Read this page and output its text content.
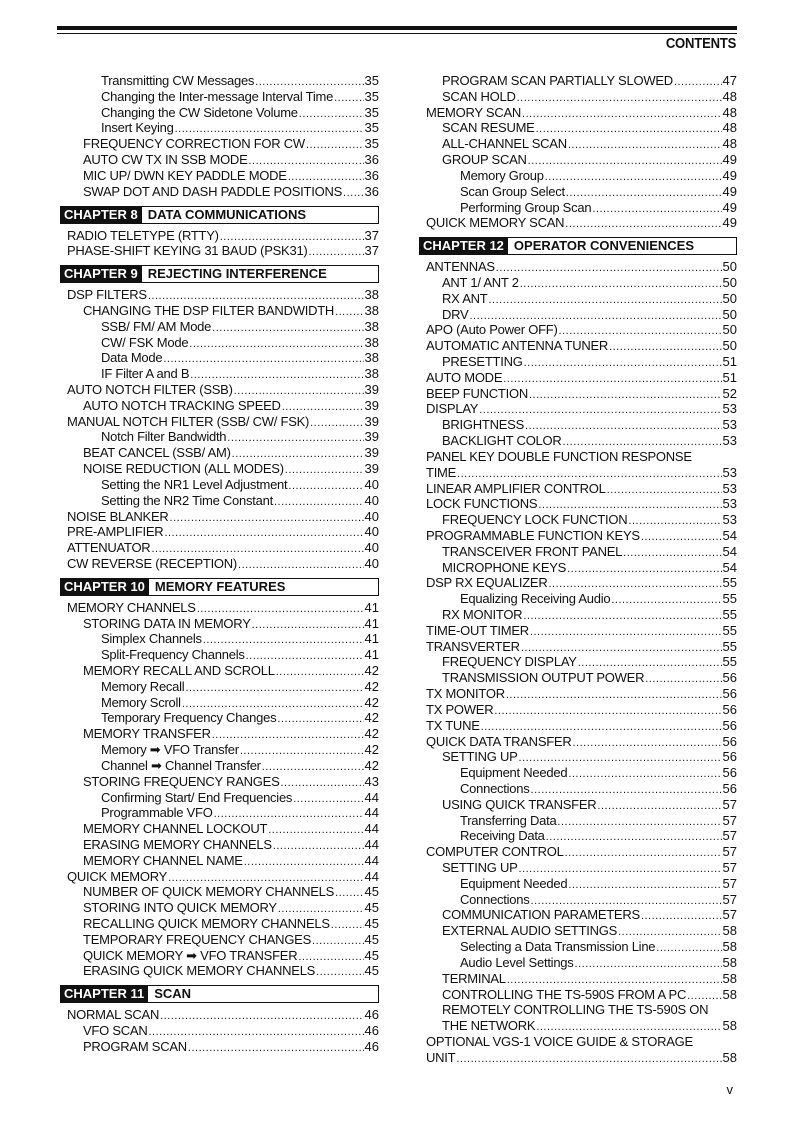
CONTENTS
Transmitting CW Messages .....	35
Changing the Inter-message Interval Time ..... 35
Changing the CW Sidetone Volume .....	35
Insert Keying .....	35
FREQUENCY CORRECTION FOR CW .....	35
AUTO CW TX IN SSB MODE .....	36
MIC UP/ DWN KEY PADDLE MODE .....	36
SWAP DOT AND DASH PADDLE POSITIONS ..... 36
CHAPTER 8 DATA COMMUNICATIONS
RADIO TELETYPE (RTTY) .....	37
PHASE-SHIFT KEYING 31 BAUD (PSK31) .....	37
CHAPTER 9 REJECTING INTERFERENCE
DSP FILTERS .....	38
CHANGING THE DSP FILTER BANDWIDTH ..... 38
SSB/ FM/ AM Mode .....	38
CW/ FSK Mode .....	38
Data Mode .....	38
IF Filter A and B .....	38
AUTO NOTCH FILTER (SSB) .....	39
AUTO NOTCH TRACKING SPEED .....	39
MANUAL NOTCH FILTER (SSB/ CW/ FSK) .....	39
Notch Filter Bandwidth .....	39
BEAT CANCEL (SSB/ AM) .....	39
NOISE REDUCTION (ALL MODES) .....	39
Setting the NR1 Level Adjustment .....	40
Setting the NR2 Time Constant .....	40
NOISE BLANKER .....	40
PRE-AMPLIFIER .....	40
ATTENUATOR .....	40
CW REVERSE (RECEPTION) .....	40
CHAPTER 10 MEMORY FEATURES
MEMORY CHANNELS .....	41
STORING DATA IN MEMORY .....	41
Simplex Channels .....	41
Split-Frequency Channels .....	41
MEMORY RECALL AND SCROLL .....	42
Memory Recall .....	42
Memory Scroll .....	42
Temporary Frequency Changes .....	42
MEMORY TRANSFER .....	42
Memory ➡ VFO Transfer .....	42
Channel ➡ Channel Transfer .....	42
STORING FREQUENCY RANGES .....	43
Confirming Start/ End Frequencies .....	44
Programmable VFO .....	44
MEMORY CHANNEL LOCKOUT .....	44
ERASING MEMORY CHANNELS .....	44
MEMORY CHANNEL NAME .....	44
QUICK MEMORY .....	44
NUMBER OF QUICK MEMORY CHANNELS ..... 45
STORING INTO QUICK MEMORY .....	45
RECALLING QUICK MEMORY CHANNELS .....	45
TEMPORARY FREQUENCY CHANGES .....	45
QUICK MEMORY ➡ VFO TRANSFER .....	45
ERASING QUICK MEMORY CHANNELS .....	45
CHAPTER 11 SCAN
NORMAL SCAN .....	46
VFO SCAN .....	46
PROGRAM SCAN .....	46
PROGRAM SCAN PARTIALLY SLOWED .....	47
SCAN HOLD .....	48
MEMORY SCAN .....	48
SCAN RESUME .....	48
ALL-CHANNEL SCAN .....	48
GROUP SCAN .....	49
Memory Group .....	49
Scan Group Select .....	49
Performing Group Scan .....	49
QUICK MEMORY SCAN .....	49
CHAPTER 12 OPERATOR CONVENIENCES
ANTENNAS .....	50
ANT 1/ ANT 2 .....	50
RX ANT .....	50
DRV .....	50
APO (Auto Power OFF) .....	50
AUTOMATIC ANTENNA TUNER .....	50
PRESETTING .....	51
AUTO MODE .....	51
BEEP FUNCTION .....	52
DISPLAY .....	53
BRIGHTNESS .....	53
BACKLIGHT COLOR .....	53
PANEL KEY DOUBLE FUNCTION RESPONSE
TIME .....	53
LINEAR AMPLIFIER CONTROL .....	53
LOCK FUNCTIONS .....	53
FREQUENCY LOCK FUNCTION .....	53
PROGRAMMABLE FUNCTION KEYS .....	54
TRANSCEIVER FRONT PANEL .....	54
MICROPHONE KEYS .....	54
DSP RX EQUALIZER .....	55
Equalizing Receiving Audio .....	55
RX MONITOR .....	55
TIME-OUT TIMER .....	55
TRANSVERTER .....	55
FREQUENCY DISPLAY .....	55
TRANSMISSION OUTPUT POWER .....	56
TX MONITOR .....	56
TX POWER .....	56
TX TUNE .....	56
QUICK DATA TRANSFER .....	56
SETTING UP .....	56
Equipment Needed .....	56
Connections .....	56
USING QUICK TRANSFER .....	57
Transferring Data .....	57
Receiving Data .....	57
COMPUTER CONTROL .....	57
SETTING UP .....	57
Equipment Needed .....	57
Connections .....	57
COMMUNICATION PARAMETERS .....	57
EXTERNAL AUDIO SETTINGS .....	58
Selecting a Data Transmission Line .....	58
Audio Level Settings .....	58
TERMINAL .....	58
CONTROLLING THE TS-590S FROM A PC .....	58
REMOTELY CONTROLLING THE TS-590S ON
THE NETWORK .....	58
OPTIONAL VGS-1 VOICE GUIDE & STORAGE
UNIT .....	58
v
